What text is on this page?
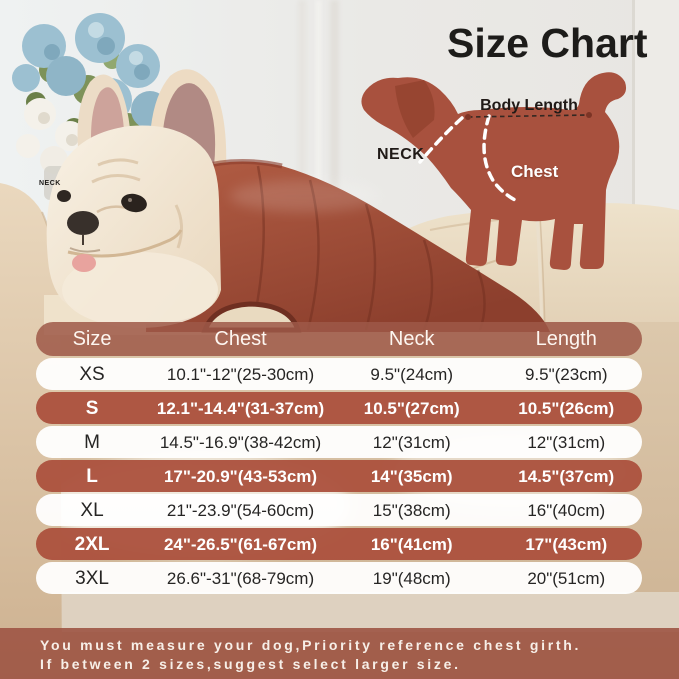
Size Chart
NECK
Body Length
NECK
Chest
Size	Chest	Neck	Length
XS	10.1"-12"(25-30cm)	9.5"(24cm)	9.5"(23cm)
S	12.1"-14.4"(31-37cm)	10.5"(27cm)	10.5"(26cm)
M	14.5"-16.9"(38-42cm)	12"(31cm)	12"(31cm)
L	17"-20.9"(43-53cm)	14"(35cm)	14.5"(37cm)
XL	21"-23.9"(54-60cm)	15"(38cm)	16"(40cm)
2XL	24"-26.5"(61-67cm)	16"(41cm)	17"(43cm)
3XL	26.6"-31"(68-79cm)	19"(48cm)	20"(51cm)

You must measure your dog,Priority reference chest girth.

If between 2 sizes,suggest select larger size.
